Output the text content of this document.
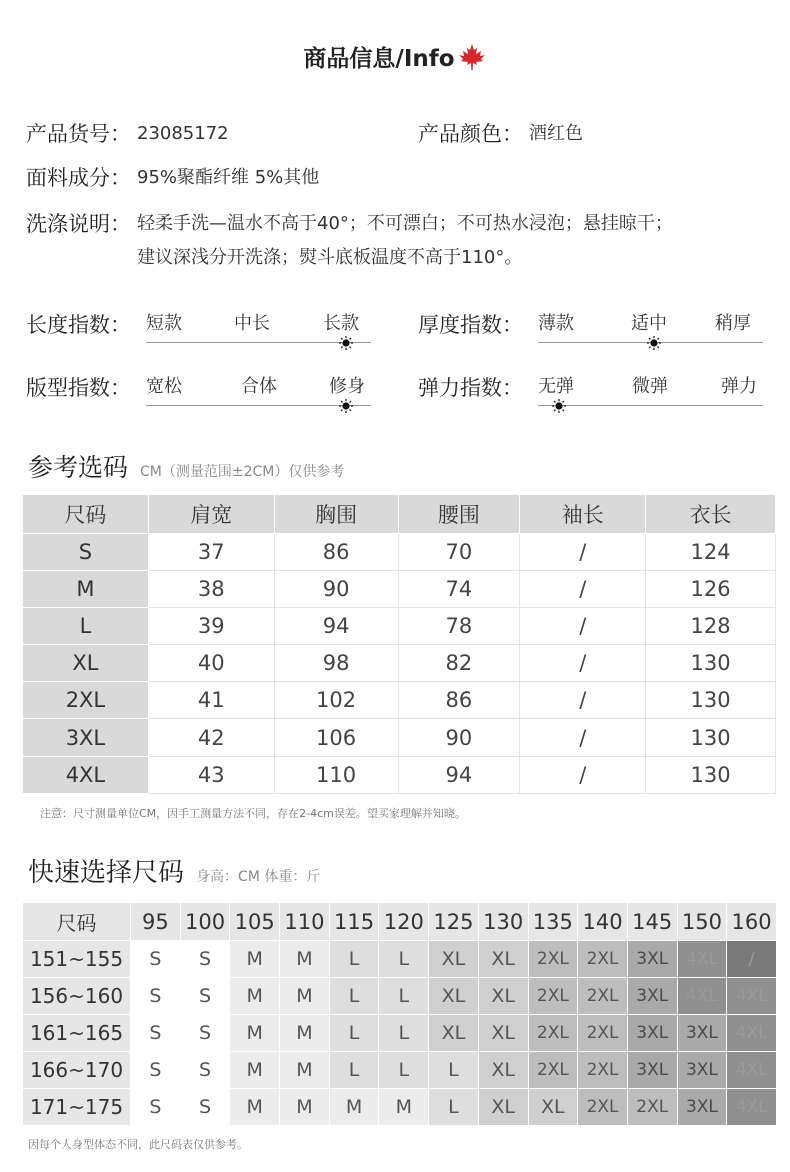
商品信息/Info
产品货号： 23085172	产品颜色： 酒红色
面料成分： 95%聚酯纤维 5%其他
洗涤说明： 轻柔手洗—温水不高于40°；不可漂白；不可热水浸泡；悬挂晾干；
建议深浅分开洗涤；熨斗底板温度不高于110°。
长度指数： 短款	中长	长款	厚度指数： 薄款	适中	稍厚
版型指数： 宽松	合体	修身	弹力指数： 无弹	微弹	弹力
参考选码 CM（测量范围±2CM）仅供参考
尺码	肩宽	胸围	腰围	袖长	衣长
S	37	86	70	/	124
M	38	90	74	/	126
L	39	94	78	/	128
XL	40	98	82	/	130
2XL	41	102	86	/	130
3XL	42	106	90	/	130
4XL	43	110	94	/	130
注意：尺寸测量单位CM，因手工测量方法不同，存在2-4cm误差。望买家理解并知晓。
快速选择尺码 身高：CM 体重：斤
尺码	95	100	105	110	115	120	125	130	135	140	145	150	160
151~155	S	S	M	M	L	L	XL	XL	2XL	2XL	3XL	4XL	/
156~160	S	S	M	M	L	L	XL	XL	2XL	2XL	3XL	4XL	4XL
161~165	S	S	M	M	L	L	XL	XL	2XL	2XL	3XL	3XL	4XL
166~170	S	S	M	M	L	L	L	XL	2XL	2XL	3XL	3XL	4XL
171~175	S	S	M	M	M	M	L	XL	XL	2XL	2XL	3XL	4XL
因每个人身型体态不同，此尺码表仅供参考。
